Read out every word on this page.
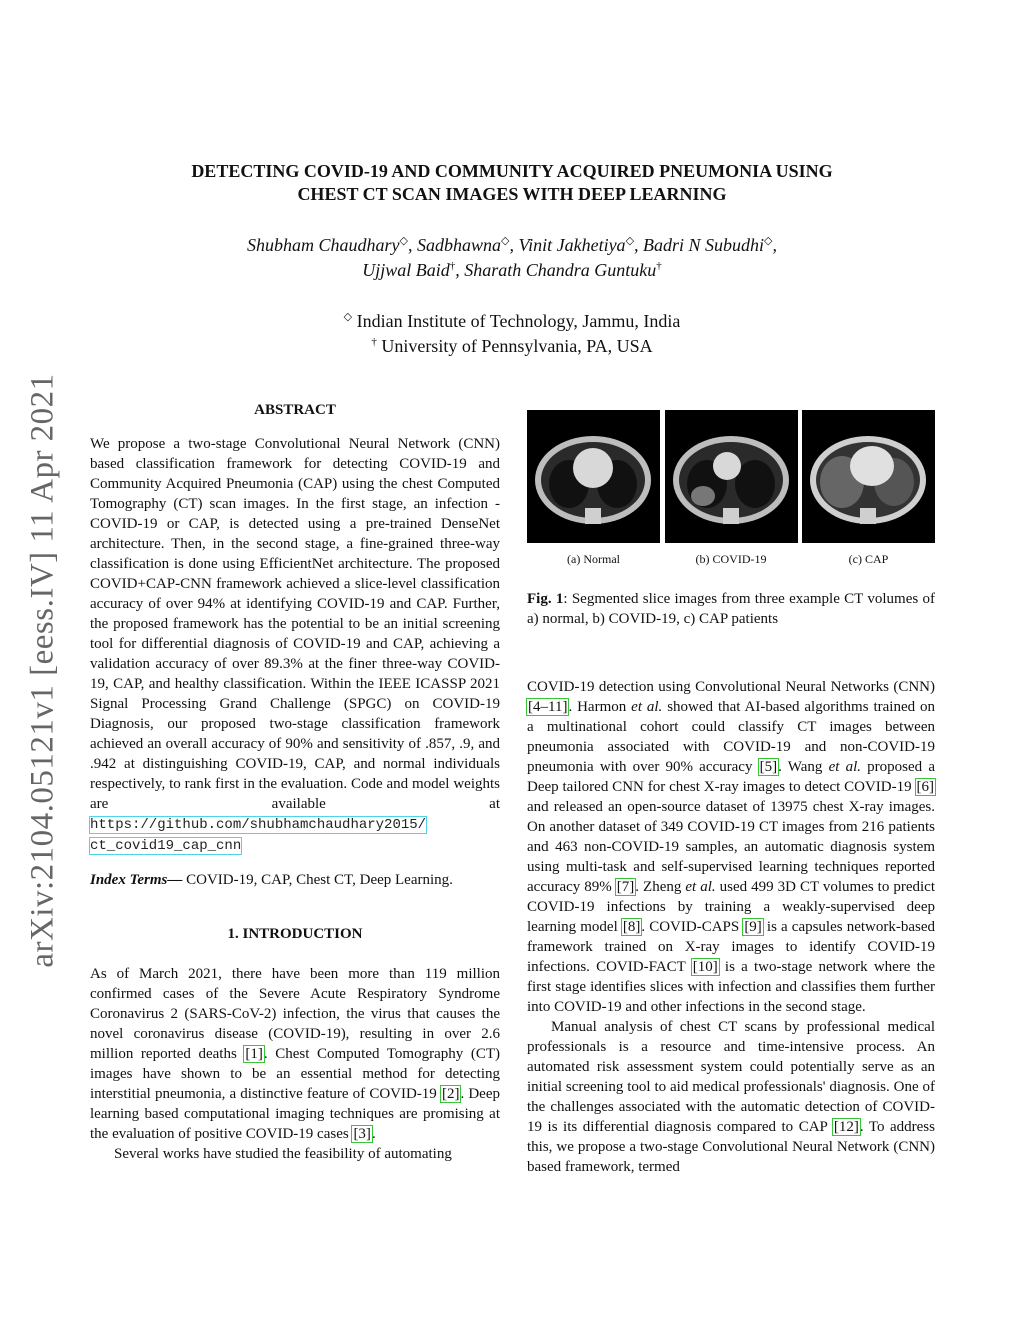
arXiv:2104.05121v1 [eess.IV] 11 Apr 2021
DETECTING COVID-19 AND COMMUNITY ACQUIRED PNEUMONIA USING
CHEST CT SCAN IMAGES WITH DEEP LEARNING
Shubham Chaudhary◇, Sadbhawna◇, Vinit Jakhetiya◇, Badri N Subudhi◇,
Ujjwal Baid†, Sharath Chandra Guntuku†
◇ Indian Institute of Technology, Jammu, India
† University of Pennsylvania, PA, USA
ABSTRACT

We propose a two-stage Convolutional Neural Network (CNN) based classification framework for detecting COVID-19 and Community Acquired Pneumonia (CAP) using the chest Computed Tomography (CT) scan images. In the first stage, an infection - COVID-19 or CAP, is detected using a pre-trained DenseNet architecture. Then, in the second stage, a fine-grained three-way classification is done using EfficientNet architecture. The proposed COVID+CAP-CNN framework achieved a slice-level classification accuracy of over 94% at identifying COVID-19 and CAP. Further, the proposed framework has the potential to be an initial screening tool for differential diagnosis of COVID-19 and CAP, achieving a validation accuracy of over 89.3% at the finer three-way COVID-19, CAP, and healthy classification. Within the IEEE ICASSP 2021 Signal Processing Grand Challenge (SPGC) on COVID-19 Diagnosis, our proposed two-stage classification framework achieved an overall accuracy of 90% and sensitivity of .857, .9, and .942 at distinguishing COVID-19, CAP, and normal individuals respectively, to rank first in the evaluation. Code and model weights are available at https://github.com/shubhamchaudhary2015/ ct_covid19_cap_cnn

Index Terms— COVID-19, CAP, Chest CT, Deep Learning.

1. INTRODUCTION

As of March 2021, there have been more than 119 million confirmed cases of the Severe Acute Respiratory Syndrome Coronavirus 2 (SARS-CoV-2) infection, the virus that causes the novel coronavirus disease (COVID-19), resulting in over 2.6 million reported deaths [1]. Chest Computed Tomography (CT) images have shown to be an essential method for detecting interstitial pneumonia, a distinctive feature of COVID-19 [2]. Deep learning based computational imaging techniques are promising at the evaluation of positive COVID-19 cases [3].

Several works have studied the feasibility of automating

(a) Normal	(b) COVID-19	(c) CAP

Fig. 1: Segmented slice images from three example CT volumes of a) normal, b) COVID-19, c) CAP patients

COVID-19 detection using Convolutional Neural Networks (CNN) [4–11]. Harmon et al. showed that AI-based algorithms trained on a multinational cohort could classify CT images between pneumonia associated with COVID-19 and non-COVID-19 pneumonia with over 90% accuracy [5]. Wang et al. proposed a Deep tailored CNN for chest X-ray images to detect COVID-19 [6] and released an open-source dataset of 13975 chest X-ray images. On another dataset of 349 COVID-19 CT images from 216 patients and 463 non-COVID-19 samples, an automatic diagnosis system using multi-task and self-supervised learning techniques reported accuracy 89% [7]. Zheng et al. used 499 3D CT volumes to predict COVID-19 infections by training a weakly-supervised deep learning model [8]. COVID-CAPS [9] is a capsules network-based framework trained on X-ray images to identify COVID-19 infections. COVID-FACT [10] is a two-stage network where the first stage identifies slices with infection and classifies them further into COVID-19 and other infections in the second stage.

Manual analysis of chest CT scans by professional medical professionals is a resource and time-intensive process. An automated risk assessment system could potentially serve as an initial screening tool to aid medical professionals' diagnosis. One of the challenges associated with the automatic detection of COVID-19 is its differential diagnosis compared to CAP [12]. To address this, we propose a two-stage Convolutional Neural Network (CNN) based framework, termed
